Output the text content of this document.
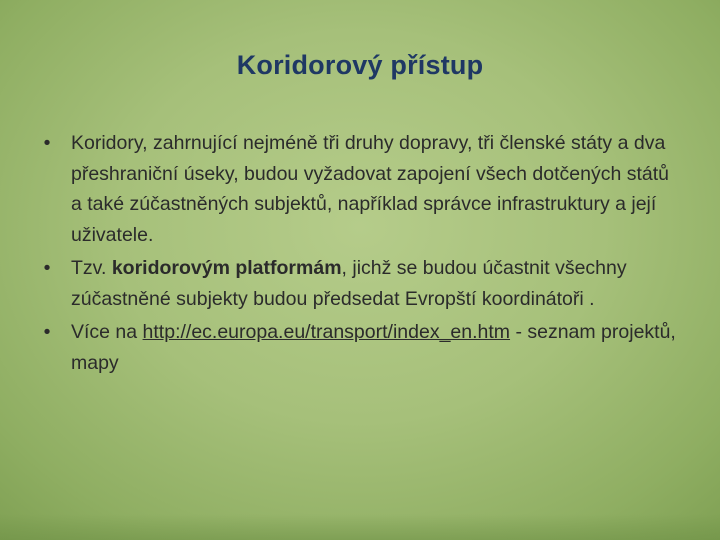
Koridorový přístup
• Koridory, zahrnující nejméně tři druhy dopravy, tři členské státy a dva přeshraniční úseky, budou vyžadovat zapojení všech dotčených států a také zúčastněných subjektů, například správce infrastruktury a její uživatele.
• Tzv. koridorovým platformám, jichž se budou účastnit všechny zúčastněné subjekty budou předsedat Evropští koordinátoři .
• Více na http://ec.europa.eu/transport/index_en.htm - seznam projektů, mapy
